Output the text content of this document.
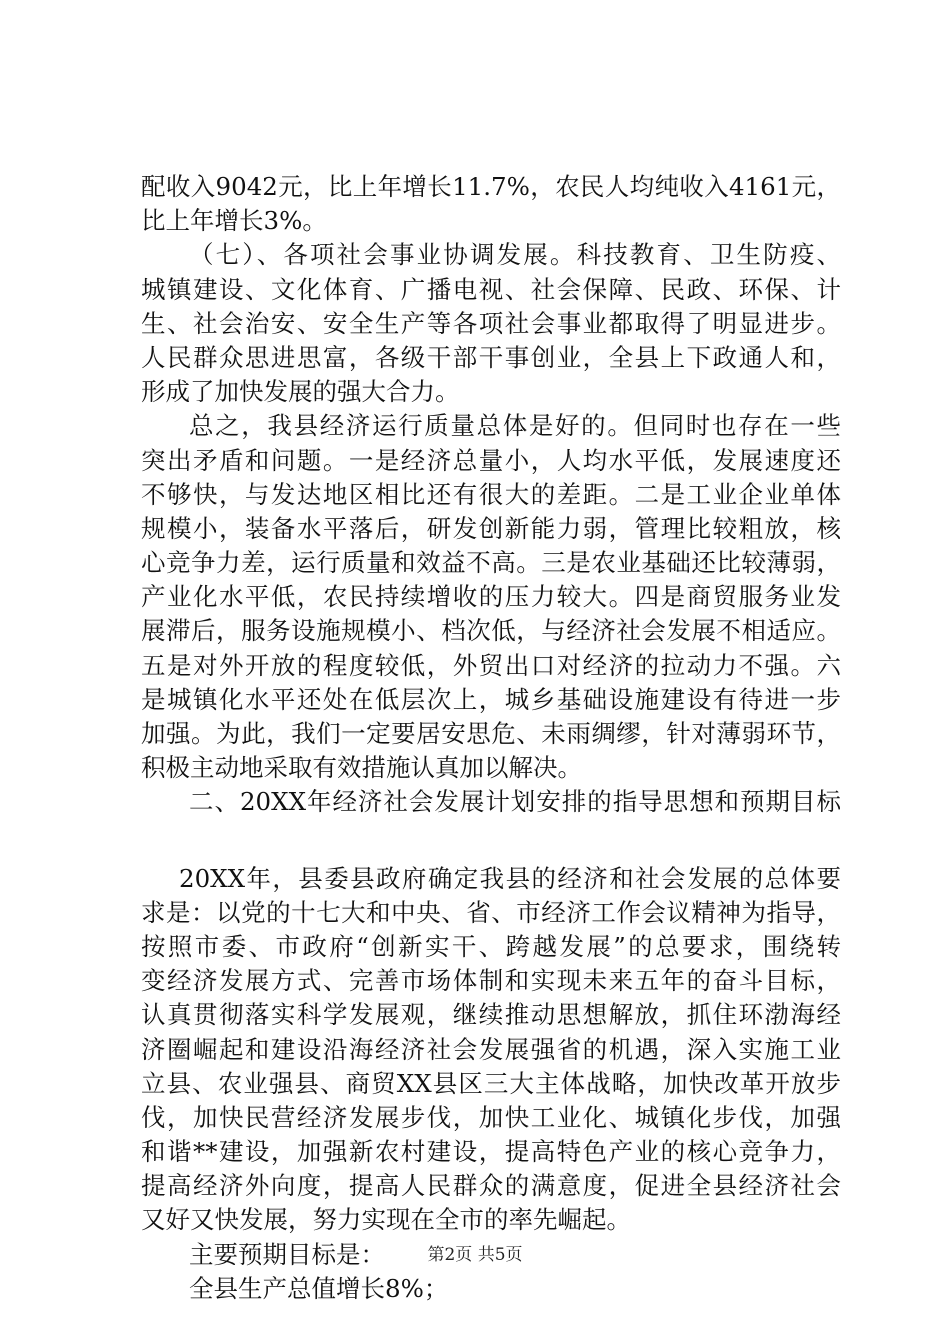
配收入9042元，比上年增长11.7%，农民人均纯收入4161元，
比上年增长3%。
（七）、各项社会事业协调发展。科技教育、卫生防疫、
城镇建设、文化体育、广播电视、社会保障、民政、环保、计
生、社会治安、安全生产等各项社会事业都取得了明显进步。
人民群众思进思富，各级干部干事创业，全县上下政通人和，
形成了加快发展的强大合力。
总之，我县经济运行质量总体是好的。但同时也存在一些
突出矛盾和问题。一是经济总量小，人均水平低，发展速度还
不够快，与发达地区相比还有很大的差距。二是工业企业单体
规模小，装备水平落后，研发创新能力弱，管理比较粗放，核
心竞争力差，运行质量和效益不高。三是农业基础还比较薄弱，
产业化水平低，农民持续增收的压力较大。四是商贸服务业发
展滞后，服务设施规模小、档次低，与经济社会发展不相适应。
五是对外开放的程度较低，外贸出口对经济的拉动力不强。六
是城镇化水平还处在低层次上，城乡基础设施建设有待进一步
加强。为此，我们一定要居安思危、未雨绸缪，针对薄弱环节，
积极主动地采取有效措施认真加以解决。
二、20XX年经济社会发展计划安排的指导思想和预期目标
20XX年，县委县政府确定我县的经济和社会发展的总体要
求是：以党的十七大和中央、省、市经济工作会议精神为指导，
按照市委、市政府“创新实干、跨越发展”的总要求，围绕转
变经济发展方式、完善市场体制和实现未来五年的奋斗目标，
认真贯彻落实科学发展观，继续推动思想解放，抓住环渤海经
济圈崛起和建设沿海经济社会发展强省的机遇，深入实施工业
立县、农业强县、商贸XX县区三大主体战略，加快改革开放步
伐，加快民营经济发展步伐，加快工业化、城镇化步伐，加强
和谐**建设，加强新农村建设，提高特色产业的核心竞争力，
提高经济外向度，提高人民群众的满意度，促进全县经济社会
又好又快发展，努力实现在全市的率先崛起。
主要预期目标是：
全县生产总值增长8%；
第2页 共5页
